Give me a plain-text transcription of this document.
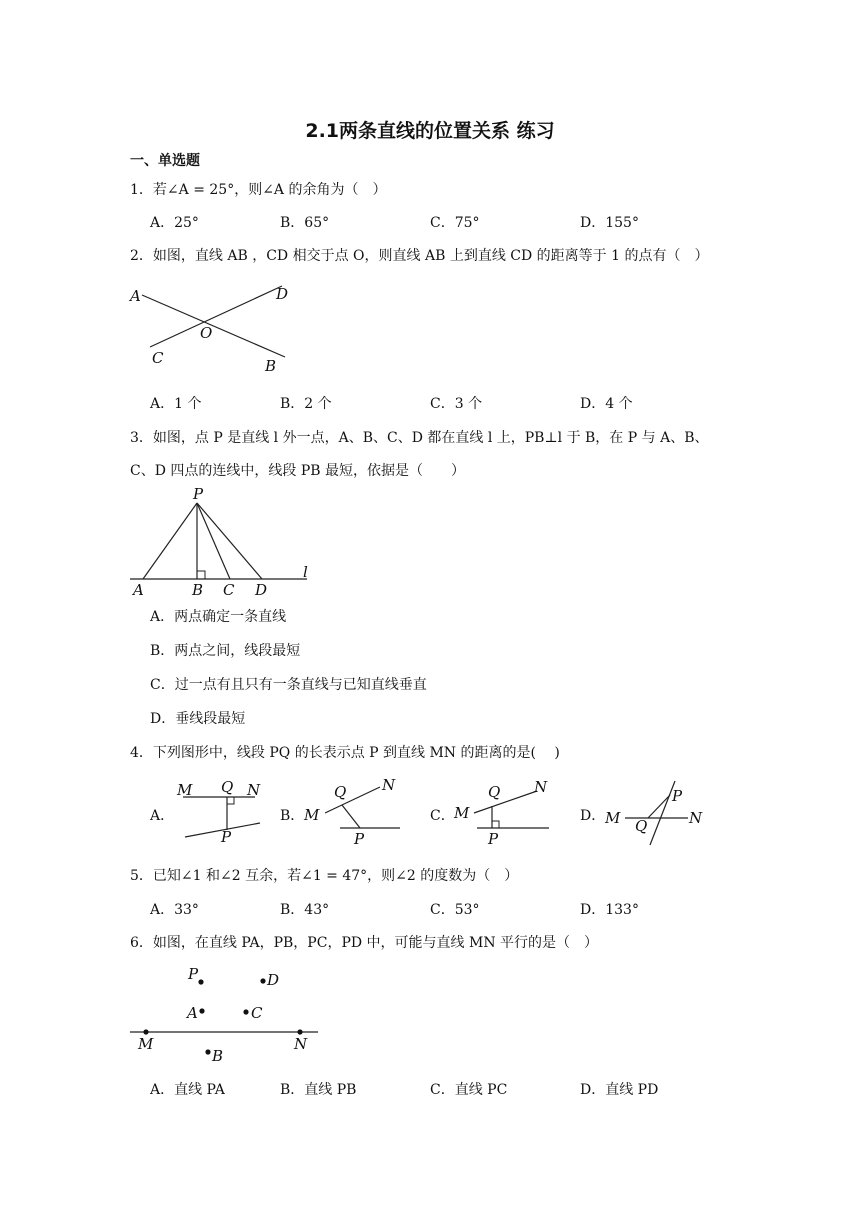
2.1两条直线的位置关系 练习
一、单选题
1．若∠A = 25°，则∠A 的余角为（　）
A．25°	B．65°	C．75°	D．155°
2．如图，直线 AB ，CD 相交于点 O，则直线 AB 上到直线 CD 的距离等于 1 的点有（　）
A	D
O
C	B
A．1 个	B．2 个	C．3 个	D．4 个
3．如图，点 P 是直线 l 外一点，A、B、C、D 都在直线 l 上，PB⊥l 于 B，在 P 与 A、B、
C、D 四点的连线中，线段 PB 最短，依据是（　　）
P
A	B C D
l
A．两点确定一条直线
B．两点之间，线段最短
C．过一点有且只有一条直线与已知直线垂直
D．垂线段最短
4．下列图形中，线段 PQ 的长表示点 P 到直线 MN 的距离的是(　 )
A．
M Q N
P
B． M
Q N
P
C． M
Q N
P
D． M
P
Q	N
5．已知∠1 和∠2 互余，若∠1 = 47°，则∠2 的度数为（　）
A．33°	B．43°	C．53°	D．133°
6．如图，在直线 PA，PB，PC，PD 中，可能与直线 MN 平行的是（　）
P	D
A	C
M	N
B
A．直线 PA	B．直线 PB	C．直线 PC	D．直线 PD
